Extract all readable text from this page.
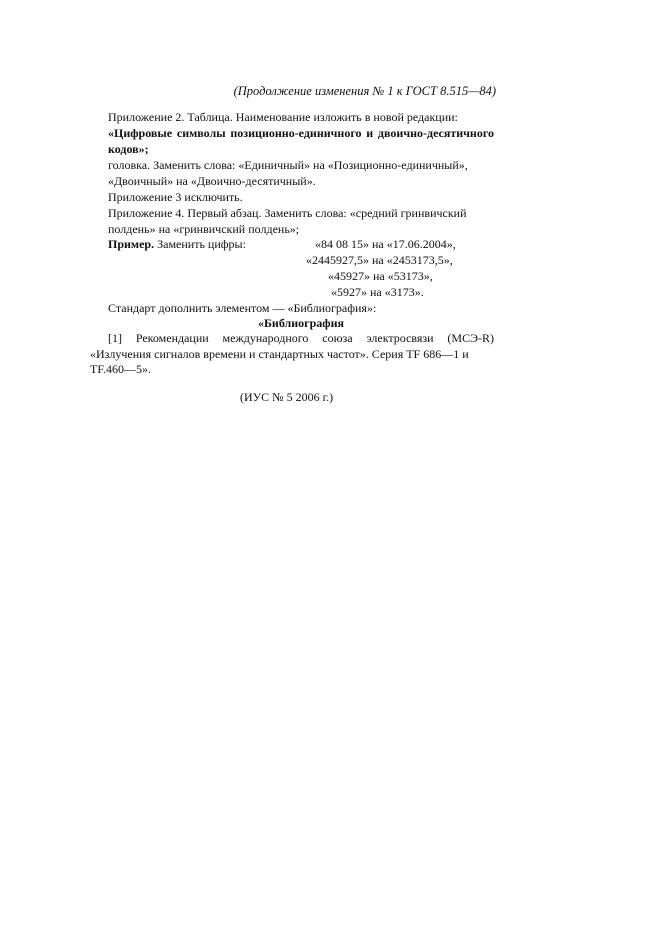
(Продолжение изменения № 1 к ГОСТ 8.515—84)
Приложение 2. Таблица. Наименование изложить в новой редакции:
«Цифровые символы позиционно-единичного и двоично-десятичного
кодов»;
головка. Заменить слова: «Единичный» на «Позиционно-единичный»,
«Двоичный» на «Двоично-десятичный».
Приложение 3 исключить.
Приложение 4. Первый абзац. Заменить слова: «средний гринвичский
полдень» на «гринвичский полдень»;
Пример. Заменить цифры:	«84 08 15» на «17.06.2004»,
«2445927,5» на «2453173,5»,
«45927» на «53173»,
«5927» на «3173».
Стандарт дополнить элементом — «Библиография»:
«Библиография
[1] Рекомендации международного союза электросвязи (МСЭ-R)
«Излучения сигналов времени и стандартных частот». Серия TF 686—1 и
TF.460—5».
(ИУС № 5 2006 г.)
